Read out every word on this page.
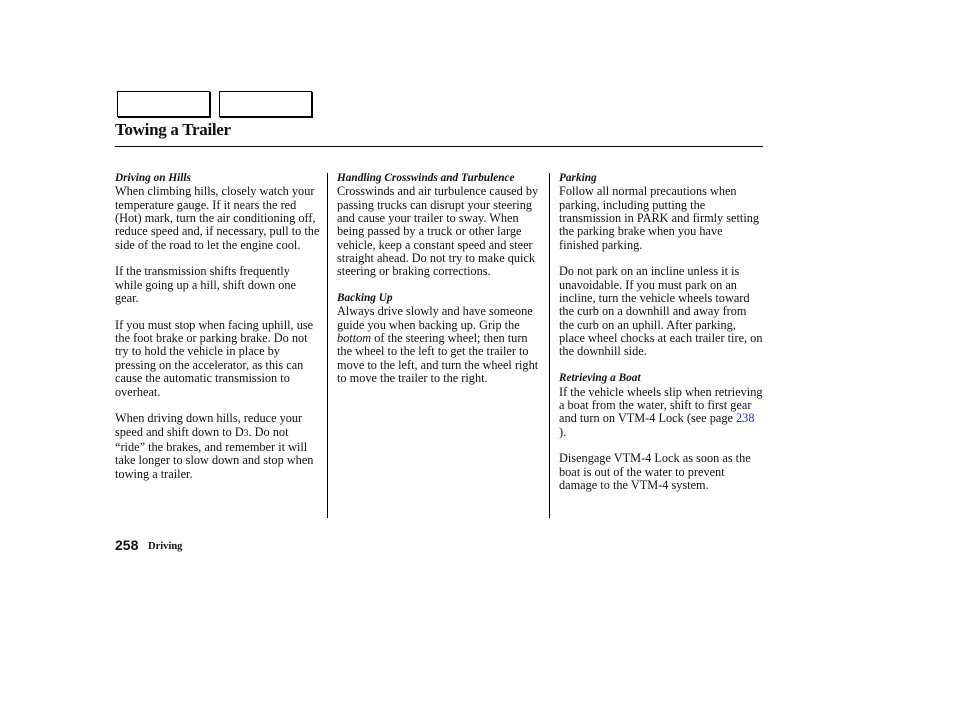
Towing a Trailer

Driving on Hills

When climbing hills, closely watch your temperature gauge. If it nears the red (Hot) mark, turn the air conditioning off, reduce speed and, if necessary, pull to the side of the road to let the engine cool.

If the transmission shifts frequently while going up a hill, shift down one gear.

If you must stop when facing uphill, use the foot brake or parking brake. Do not try to hold the vehicle in place by pressing on the accelerator, as this can cause the automatic transmission to overheat.

When driving down hills, reduce your speed and shift down to D3. Do not “ride” the brakes, and remember it will take longer to slow down and stop when towing a trailer.

Handling Crosswinds and Turbulence

Crosswinds and air turbulence caused by passing trucks can disrupt your steering and cause your trailer to sway. When being passed by a truck or other large vehicle, keep a constant speed and steer straight ahead. Do not try to make quick steering or braking corrections.

Backing Up

Always drive slowly and have someone guide you when backing up. Grip the bottom of the steering wheel; then turn the wheel to the left to get the trailer to move to the left, and turn the wheel right to move the trailer to the right.

Parking

Follow all normal precautions when parking, including putting the transmission in PARK and firmly setting the parking brake when you have finished parking.

Do not park on an incline unless it is unavoidable. If you must park on an incline, turn the vehicle wheels toward the curb on a downhill and away from the curb on an uphill. After parking, place wheel chocks at each trailer tire, on the downhill side.

Retrieving a Boat

If the vehicle wheels slip when retrieving a boat from the water, shift to first gear and turn on VTM-4 Lock (see page 238 ).

Disengage VTM-4 Lock as soon as the boat is out of the water to prevent damage to the VTM-4 system.

258 Driving
